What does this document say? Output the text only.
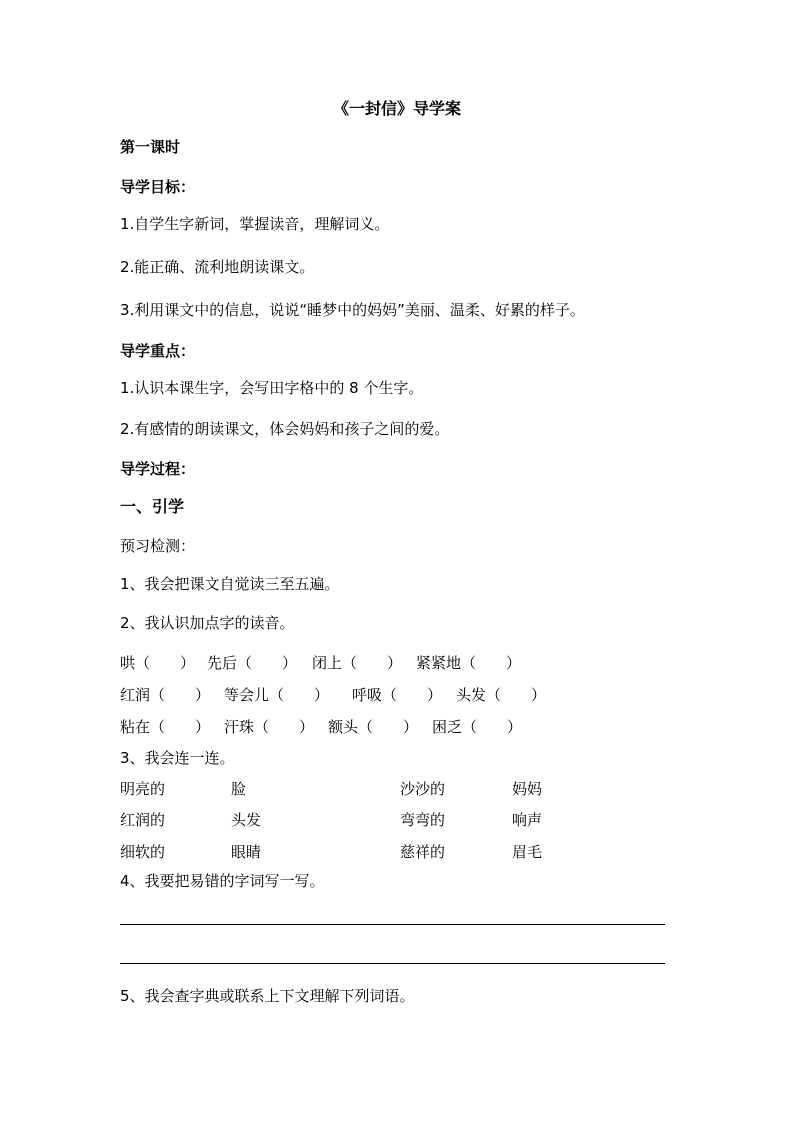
《一封信》导学案
第一课时
导学目标：
1.自学生字新词，掌握读音，理解词义。
2.能正确、流利地朗读课文。
3.利用课文中的信息，说说“睡梦中的妈妈”美丽、温柔、好累的样子。
导学重点：
1.认识本课生字，会写田字格中的 8 个生字。
2.有感情的朗读课文，体会妈妈和孩子之间的爱。
导学过程：
一、引学
预习检测：
1、我会把课文自觉读三至五遍。
2、我认识加点字的读音。
哄（　　） 先后（　　） 闭上（　　） 紧紧地（　　）
红润（　　） 等会儿（　　） 呼吸（　　） 头发（　　）
粘在（　　） 汗珠（　　） 额头（　　） 困乏（　　）
3、我会连一连。
明亮的	脸	沙沙的	妈妈
红润的	头发	弯弯的	响声
细软的	眼睛	慈祥的	眉毛
4、我要把易错的字词写一写。
5、我会查字典或联系上下文理解下列词语。
